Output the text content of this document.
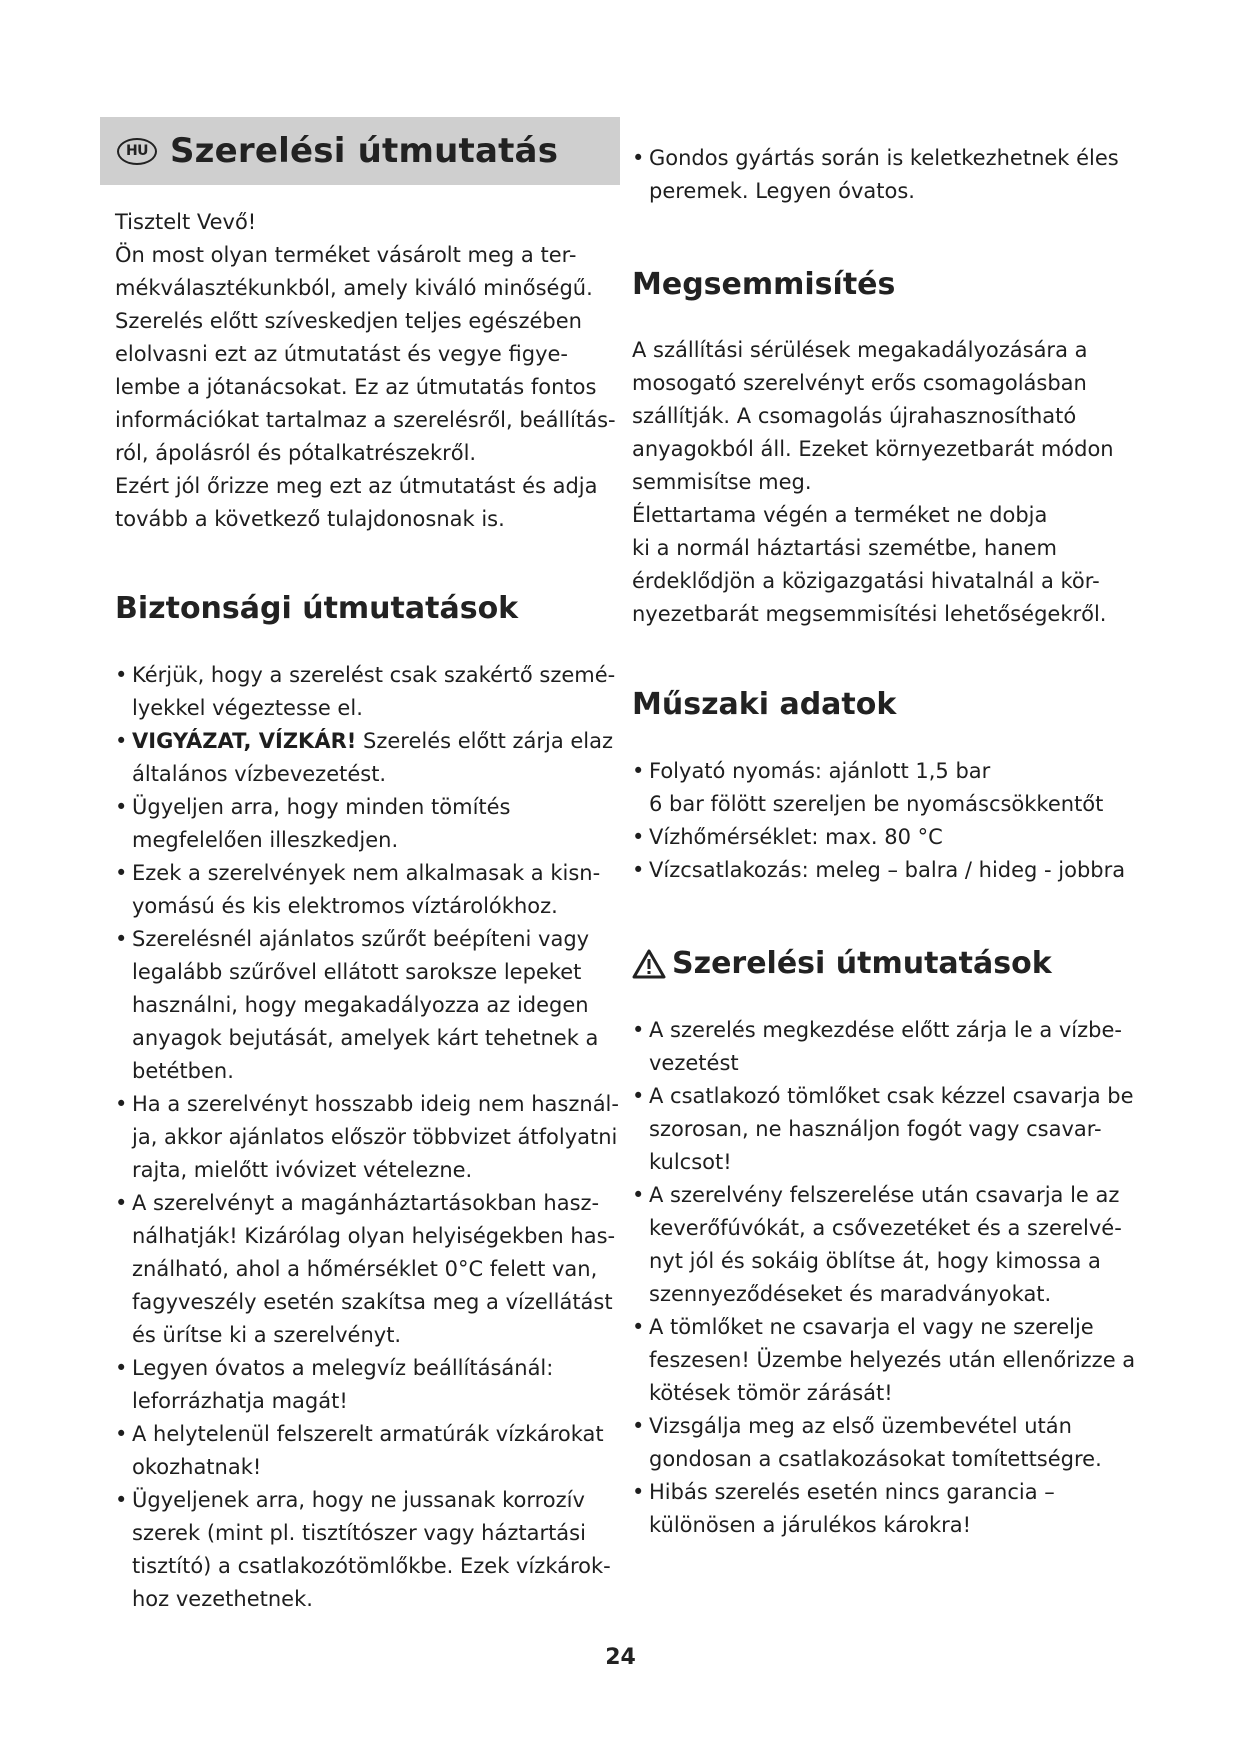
HU Szerelési útmutatás
Tisztelt Vevő!
Ön most olyan terméket vásárolt meg a ter-
mékválasztékunkból, amely kiváló minőségű.
Szerelés előtt szíveskedjen teljes egészében
elolvasni ezt az útmutatást és vegye figye-
lembe a jótanácsokat. Ez az útmutatás fontos
információkat tartalmaz a szerelésről, beállítás-
ról, ápolásról és pótalkatrészekről.
Ezért jól őrizze meg ezt az útmutatást és adja
tovább a következő tulajdonosnak is.
Biztonsági útmutatások
• Kérjük, hogy a szerelést csak szakértő szemé-
lyekkel végeztesse el.
• VIGYÁZAT, VÍZKÁR! Szerelés előtt zárja elaz
általános vízbevezetést.
• Ügyeljen arra, hogy minden tömítés
megfelelően illeszkedjen.
• Ezek a szerelvények nem alkalmasak a kisn-
yomású és kis elektromos víztárolókhoz.
• Szerelésnél ajánlatos szűrőt beépíteni vagy
legalább szűrővel ellátott sarokszе lepeket
használni, hogy megakadályozza az idegen
anyagok bejutását, amelyek kárt tehetnek a
betétben.
• Ha a szerelvényt hosszabb ideig nem használ-
ja, akkor ajánlatos először többvizet átfolyatni
rajta, mielőtt ivóvizet vételezne.
• A szerelvényt a magánháztartásokban hasz-
nálhatják! Kizárólag olyan helyiségekben has-
ználható, ahol a hőmérséklet 0°C felett van,
fagyveszély esetén szakítsa meg a vízellátást
és ürítse ki a szerelvényt.
• Legyen óvatos a melegvíz beállításánál:
leforrázhatja magát!
• A helytelenül felszerelt armatúrák vízkárokat
okozhatnak!
• Ügyeljenek arra, hogy ne jussanak korrozív
szerek (mint pl. tisztítószer vagy háztartási
tisztító) a csatlakozótömlőkbe. Ezek vízkárok-
hoz vezethetnek.
• Gondos gyártás során is keletkezhetnek éles
peremek. Legyen óvatos.
Megsemmisítés
A szállítási sérülések megakadályozására a
mosogató szerelvényt erős csomagolásban
szállítják. A csomagolás újrahasznosítható
anyagokból áll. Ezeket környezetbarát módon
semmisítse meg.
Élettartama végén a terméket ne dobja
ki a normál háztartási szemétbe, hanem
érdeklődjön a közigazgatási hivatalnál a kör-
nyezetbarát megsemmisítési lehetőségekről.
Műszaki adatok
• Folyató nyomás: ajánlott 1,5 bar
6 bar fölött szereljen be nyomáscsökkentőt
• Vízhőmérséklet: max. 80 °C
• Vízcsatlakozás: meleg – balra / hideg - jobbra
Szerelési útmutatások
• A szerelés megkezdése előtt zárja le a vízbe-
vezetést
• A csatlakozó tömlőket csak kézzel csavarja be
szorosan, ne használjon fogót vagy csavar-
kulcsot!
• A szerelvény felszerelése után csavarja le az
keverőfúvókát, a csővezetéket és a szerelvé-
nyt jól és sokáig öblítse át, hogy kimossa a
szennyeződéseket és maradványokat.
• A tömlőket ne csavarja el vagy ne szerelje
feszesen! Üzembe helyezés után ellenőrizze a
kötések tömör zárását!
• Vizsgálja meg az első üzembevétel után
gondosan a csatlakozásokat tomítettségre.
• Hibás szerelés esetén nincs garancia –
különösen a járulékos károkra!
24
